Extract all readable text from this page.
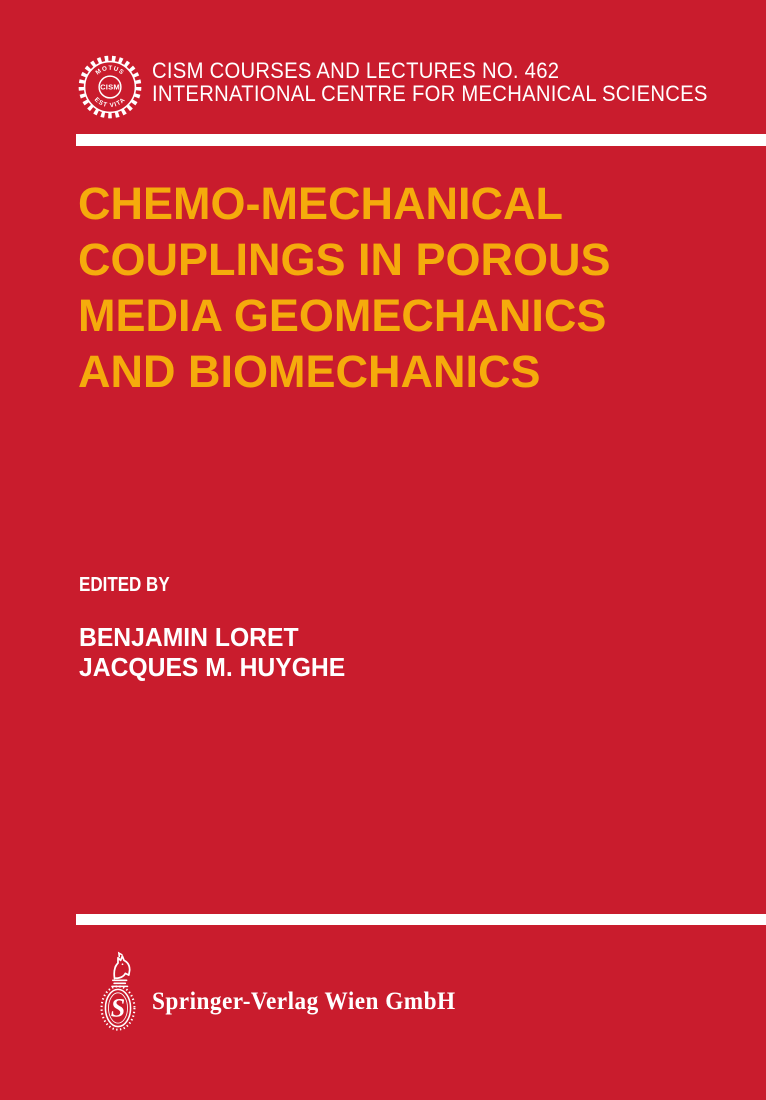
MOTUS
EST VITA
CISM
CISM COURSES AND LECTURES NO. 462
INTERNATIONAL CENTRE FOR MECHANICAL SCIENCES
CHEMO-MECHANICAL
COUPLINGS IN POROUS
MEDIA GEOMECHANICS
AND BIOMECHANICS
EDITED BY
BENJAMIN LORET
JACQUES M. HUYGHE
S Springer-Verlag Wien GmbH
